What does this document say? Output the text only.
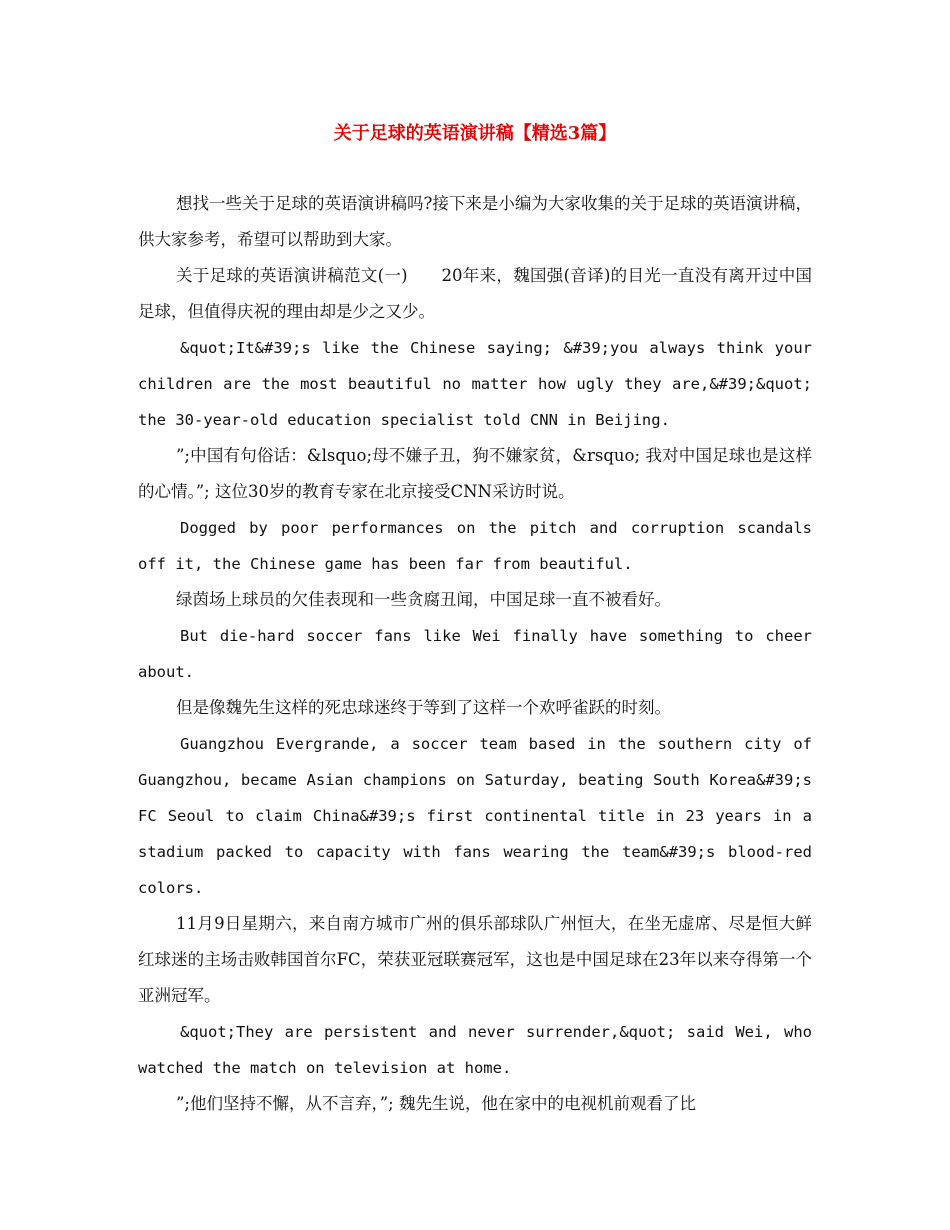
关于足球的英语演讲稿【精选3篇】

想找一些关于足球的英语演讲稿吗?接下来是小编为大家收集的关于足球的英语演讲稿，供大家参考，希望可以帮助到大家。

关于足球的英语演讲稿范文(一)　　20年来，魏国强(音译)的目光一直没有离开过中国足球，但值得庆祝的理由却是少之又少。

&quot;It&#39;s like the Chinese saying; &#39;you always think your children are the most beautiful no matter how ugly they are,&#39;&quot; the 30-year-old education specialist told CNN in Beijing.

”;中国有句俗话：&lsquo;母不嫌子丑，狗不嫌家贫，&rsquo; 我对中国足球也是这样的心情。”; 这位30岁的教育专家在北京接受CNN采访时说。

Dogged by poor performances on the pitch and corruption scandals off it, the Chinese game has been far from beautiful.

绿茵场上球员的欠佳表现和一些贪腐丑闻，中国足球一直不被看好。

But die-hard soccer fans like Wei finally have something to cheer about.

但是像魏先生这样的死忠球迷终于等到了这样一个欢呼雀跃的时刻。

Guangzhou Evergrande, a soccer team based in the southern city of Guangzhou, became Asian champions on Saturday, beating South Korea&#39;s FC Seoul to claim China&#39;s first continental title in 23 years in a stadium packed to capacity with fans wearing the team&#39;s blood-red colors.

11月9日星期六，来自南方城市广州的俱乐部球队广州恒大，在坐无虚席、尽是恒大鲜红球迷的主场击败韩国首尔FC，荣获亚冠联赛冠军，这也是中国足球在23年以来夺得第一个亚洲冠军。

&quot;They are persistent and never surrender,&quot; said Wei, who watched the match on television at home.

”;他们坚持不懈，从不言弃，”; 魏先生说，他在家中的电视机前观看了比
